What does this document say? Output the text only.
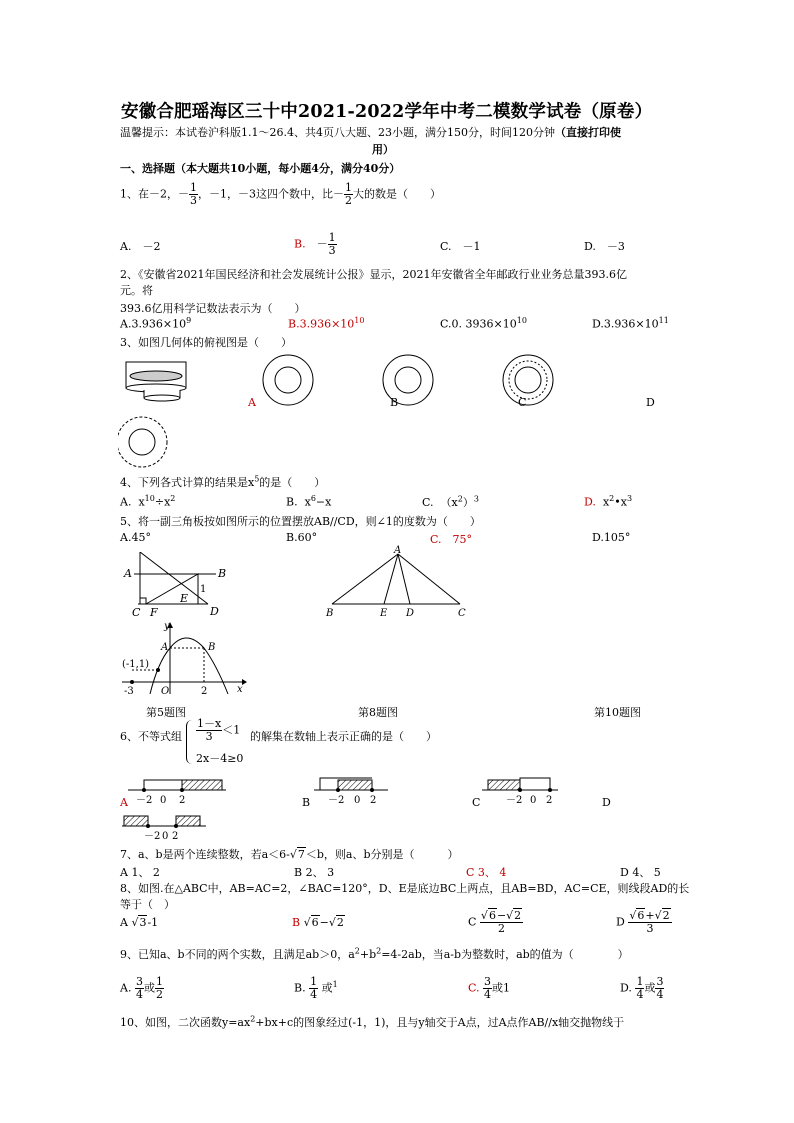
安徽合肥瑶海区三十中2021-2022学年中考二模数学试卷（原卷）
温馨提示：本试卷沪科版1.1～26.4、共4页八大题、23小题，满分150分，时间120分钟（直接打印使
用）
一、选择题（本大题共10小题，每小题4分，满分40分）
1、在－2，－ $\frac{1}{3}$ ，－1，－3这四个数中，比－ $\frac{1}{2}$ 大的数是（　　）
A.　－2	B.　－ $\frac{1}{3}$	C.　－1	D.　－3
2、《安徽省2021年国民经济和社会发展统计公报》显示，2021年安徽省全年邮政行业业务总量393.6亿
元。将
393.6亿用科学记数法表示为（　　）
$A.3.936\times 10^9$	$B.3.936\times 10^{10}$	C.0. $3936\times 10^{10}$	$D.3.936\times 10^{11}$
3、如图几何体的俯视图是（　　）
A	B	C	D
4、下列各式计算的结果是$x^5$的是（　　）
A. $x^{10}\div x^2$	B. $x^6-x$	C. $(x^2)^3$	D. $x^2•x^3$
5、将一副三角板按如图所示的位置摆放AB//CD，则∠1的度数为（　　）
A.45°	B.60°	C.　75°	D.105°
A	B
C	D
E
F
1
A
B	E D	C
y
x
A	B
(-1,1)
-3	O	2
第5题图	第8题图	第10题图
6、不等式组 $\frac{1-x}{3} <1$
2x－4≥0
的解集在数轴上表示正确的是（　　）
－2 0 2	－2 0 2	－2 0 2
－2 0 2
A	B	C	D
7、a、b是两个连续整数，若a＜6-√7＜b，则a、b分别是（　　　）
A 1、 2	B 2、 3	C 3、 4	D 4、 5
8、如图.在△ABC中，AB=AC=2，∠BAC=120°，D、E是底边BC上两点，且AB=BD，AC=CE，则线段AD的长
等于（　）
A √3-1	B √6−√2	C $\frac{√6-√2}{2}$	D $\frac{√6+√2}{3}$
9、已知a、b不同的两个实数，且满足ab＞0，$a^2+b^2=4-2ab$，当a-b为整数时，ab的值为（　　　　）
A. $\frac{3}{4}$ 或 $\frac{1}{2}$	B. $\frac{1}{4}$ 或$^1$	C. $\frac{3}{4}$ 或1	D. $\frac{1}{4}$ 或 $\frac{3}{4}$
10、如图，二次函数$y=ax^2+bx+c$的图象经过(-1，1)，且与y轴交于A点，过A点作AB//x轴交抛物线于
